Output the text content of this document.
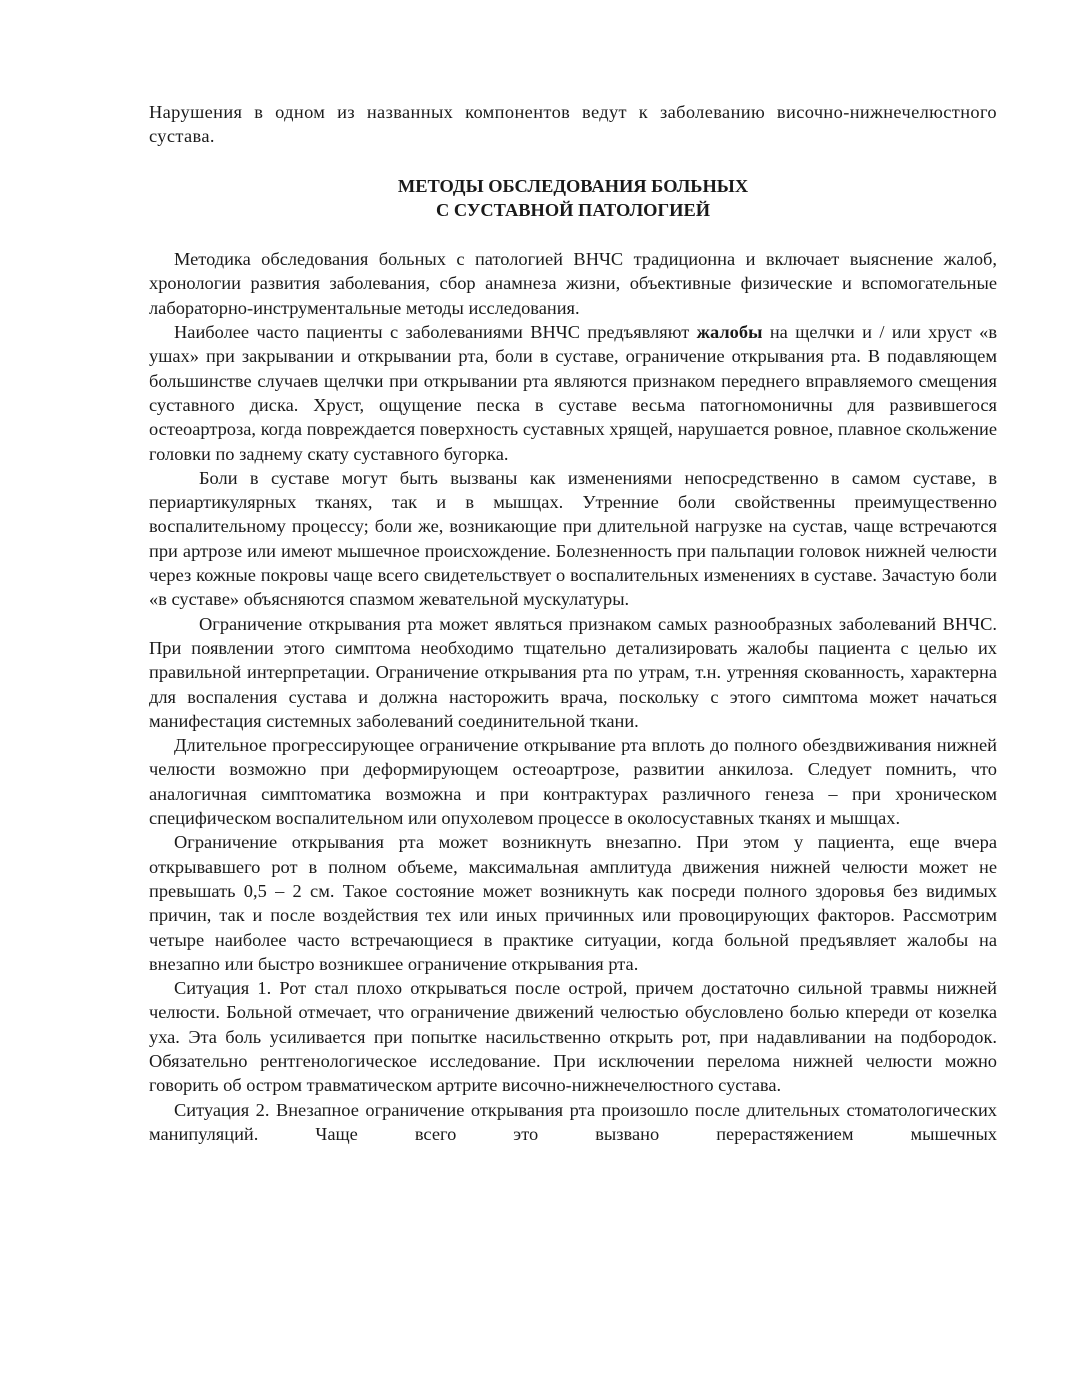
Нарушения в одном из названных компонентов ведут к заболеванию височно-нижнечелюстного сустава.

МЕТОДЫ ОБСЛЕДОВАНИЯ БОЛЬНЫХ
С СУСТАВНОЙ ПАТОЛОГИЕЙ

Методика обследования больных с патологией ВНЧС традиционна и включает выяснение жалоб, хронологии развития заболевания, сбор анамнеза жизни, объективные физические и вспомогательные лабораторно-инструментальные методы исследования.

Наиболее часто пациенты с заболеваниями ВНЧС предъявляют жалобы на щелчки и / или хруст «в ушах» при закрывании и открывании рта, боли в суставе, ограничение открывания рта. В подавляющем большинстве случаев щелчки при открывании рта являются признаком переднего вправляемого смещения суставного диска. Хруст, ощущение песка в суставе весьма патогномоничны для развившегося остеоартроза, когда повреждается поверхность суставных хрящей, нарушается ровное, плавное скольжение головки по заднему скату суставного бугорка.

Боли в суставе могут быть вызваны как изменениями непосредственно в самом суставе, в периартикулярных тканях, так и в мышцах. Утренние боли свойственны преимущественно воспалительному процессу; боли же, возникающие при длительной нагрузке на сустав, чаще встречаются при артрозе или имеют мышечное происхождение. Болезненность при пальпации головок нижней челюсти через кожные покровы чаще всего свидетельствует о воспалительных изменениях в суставе. Зачастую боли «в суставе» объясняются спазмом жевательной мускулатуры.

Ограничение открывания рта может являться признаком самых разнообразных заболеваний ВНЧС. При появлении этого симптома необходимо тщательно детализировать жалобы пациента с целью их правильной интерпретации. Ограничение открывания рта по утрам, т.н. утренняя скованность, характерна для воспаления сустава и должна насторожить врача, поскольку с этого симптома может начаться манифестация системных заболеваний соединительной ткани.

Длительное прогрессирующее ограничение открывание рта вплоть до полного обездвиживания нижней челюсти возможно при деформирующем остеоартрозе, развитии анкилоза. Следует помнить, что аналогичная симптоматика возможна и при контрактурах различного генеза – при хроническом специфическом воспалительном или опухолевом процессе в околосуставных тканях и мышцах.

Ограничение открывания рта может возникнуть внезапно. При этом у пациента, еще вчера открывавшего рот в полном объеме, максимальная амплитуда движения нижней челюсти может не превышать 0,5 – 2 см. Такое состояние может возникнуть как посреди полного здоровья без видимых причин, так и после воздействия тех или иных причинных или провоцирующих факторов. Рассмотрим четыре наиболее часто встречающиеся в практике ситуации, когда больной предъявляет жалобы на внезапно или быстро возникшее ограничение открывания рта.

Ситуация 1. Рот стал плохо открываться после острой, причем достаточно сильной травмы нижней челюсти. Больной отмечает, что ограничение движений челюстью обусловлено болью кпереди от козелка уха. Эта боль усиливается при попытке насильственно открыть рот, при надавливании на подбородок. Обязательно рентгенологическое исследование. При исключении перелома нижней челюсти можно говорить об остром травматическом артрите височно-нижнечелюстного сустава.

Ситуация 2. Внезапное ограничение открывания рта произошло после длительных стоматологических манипуляций. Чаще всего это вызвано перерастяжением мышечных
